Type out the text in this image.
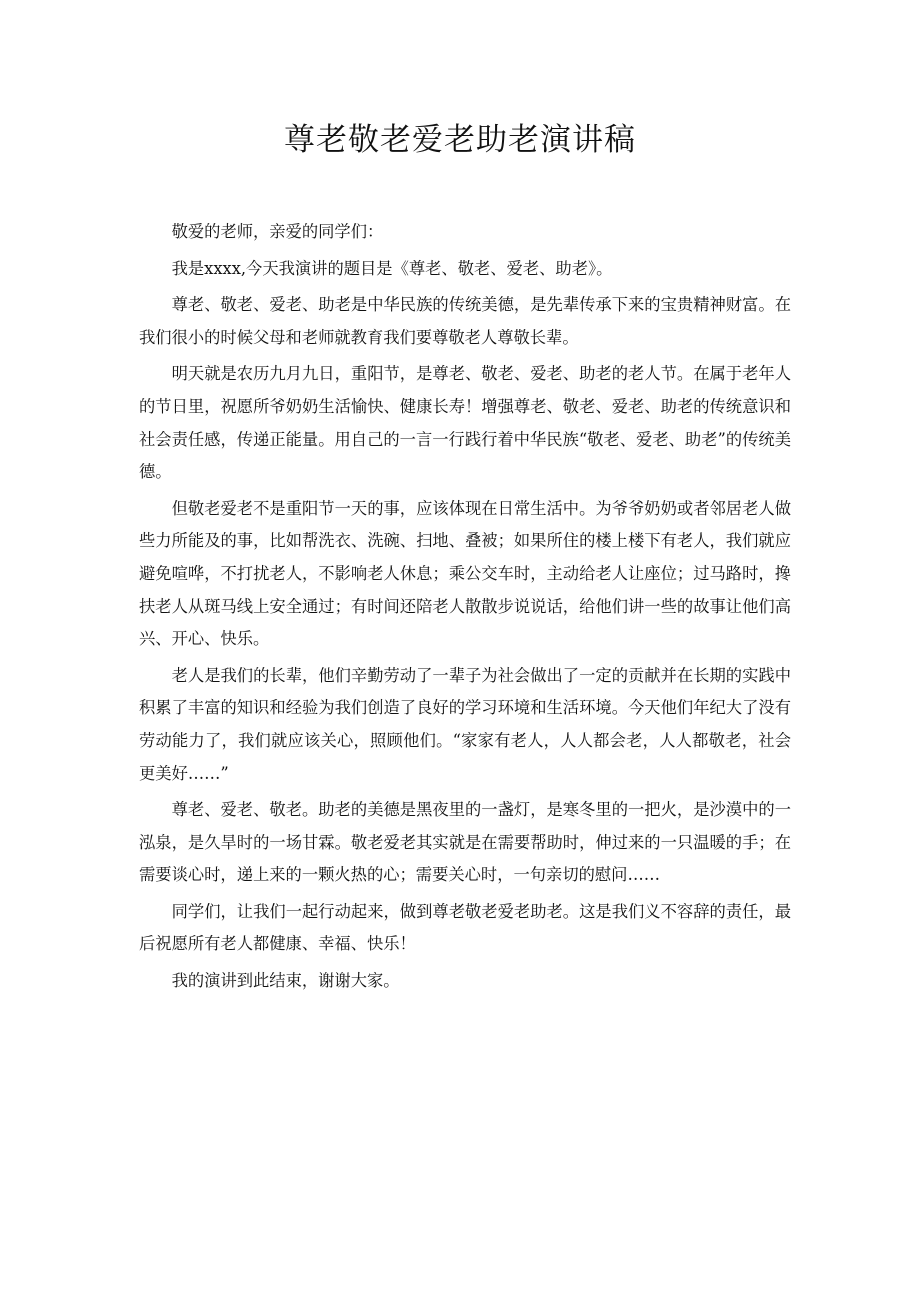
尊老敬老爱老助老演讲稿

敬爱的老师，亲爱的同学们：

我是xxxx,今天我演讲的题目是《尊老、敬老、爱老、助老》。

尊老、敬老、爱老、助老是中华民族的传统美德，是先辈传承下来的宝贵精神财富。在我们很小的时候父母和老师就教育我们要尊敬老人尊敬长辈。

明天就是农历九月九日，重阳节，是尊老、敬老、爱老、助老的老人节。在属于老年人的节日里，祝愿所爷奶奶生活愉快、健康长寿！增强尊老、敬老、爱老、助老的传统意识和社会责任感，传递正能量。用自己的一言一行践行着中华民族“敬老、爱老、助老”的传统美德。

但敬老爱老不是重阳节一天的事，应该体现在日常生活中。为爷爷奶奶或者邻居老人做些力所能及的事，比如帮洗衣、洗碗、扫地、叠被；如果所住的楼上楼下有老人，我们就应避免喧哗，不打扰老人，不影响老人休息；乘公交车时，主动给老人让座位；过马路时，搀扶老人从斑马线上安全通过；有时间还陪老人散散步说说话，给他们讲一些的故事让他们高兴、开心、快乐。

老人是我们的长辈，他们辛勤劳动了一辈子为社会做出了一定的贡献并在长期的实践中积累了丰富的知识和经验为我们创造了良好的学习环境和生活环境。今天他们年纪大了没有劳动能力了，我们就应该关心，照顾他们。“家家有老人，人人都会老，人人都敬老，社会更美好……”

尊老、爱老、敬老。助老的美德是黑夜里的一盏灯，是寒冬里的一把火，是沙漠中的一泓泉，是久旱时的一场甘霖。敬老爱老其实就是在需要帮助时，伸过来的一只温暖的手；在需要谈心时，递上来的一颗火热的心；需要关心时，一句亲切的慰问……

同学们，让我们一起行动起来，做到尊老敬老爱老助老。这是我们义不容辞的责任，最后祝愿所有老人都健康、幸福、快乐！

我的演讲到此结束，谢谢大家。
